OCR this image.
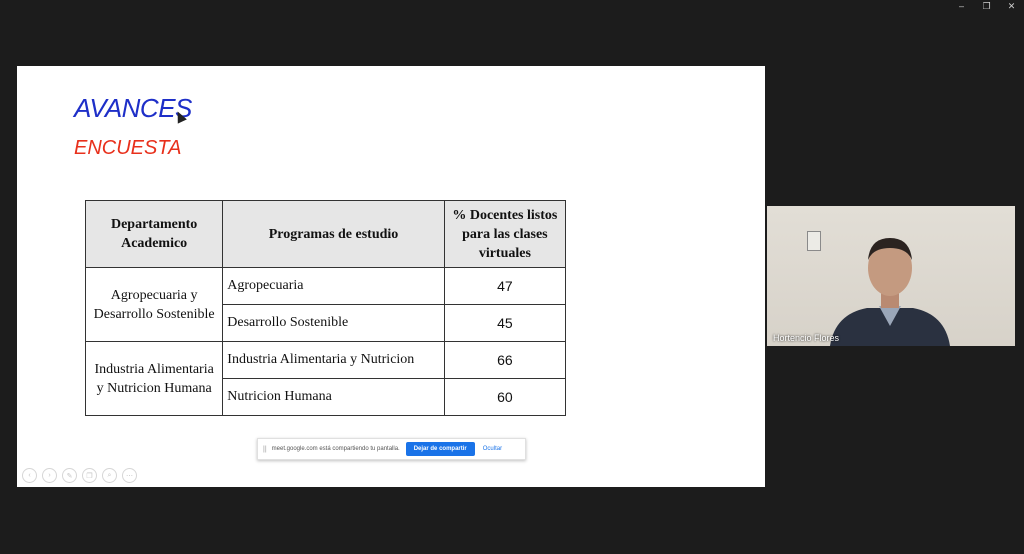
–	❐	✕
AVANCES
ENCUESTA
Departamento Academico	Programas de estudio	% Docentes listos para las clases virtuales
Agropecuaria y Desarrollo Sostenible	Agropecuaria	47
	Desarrollo Sostenible	45
Industria Alimentaria y Nutricion Humana	Industria Alimentaria y Nutricion	66
	Nutricion Humana	60
|| meet.google.com está compartiendo tu pantalla.	Dejar de compartir	Ocultar
‹	›	✎	❐	⌕	⋯
Hortencio Flores
